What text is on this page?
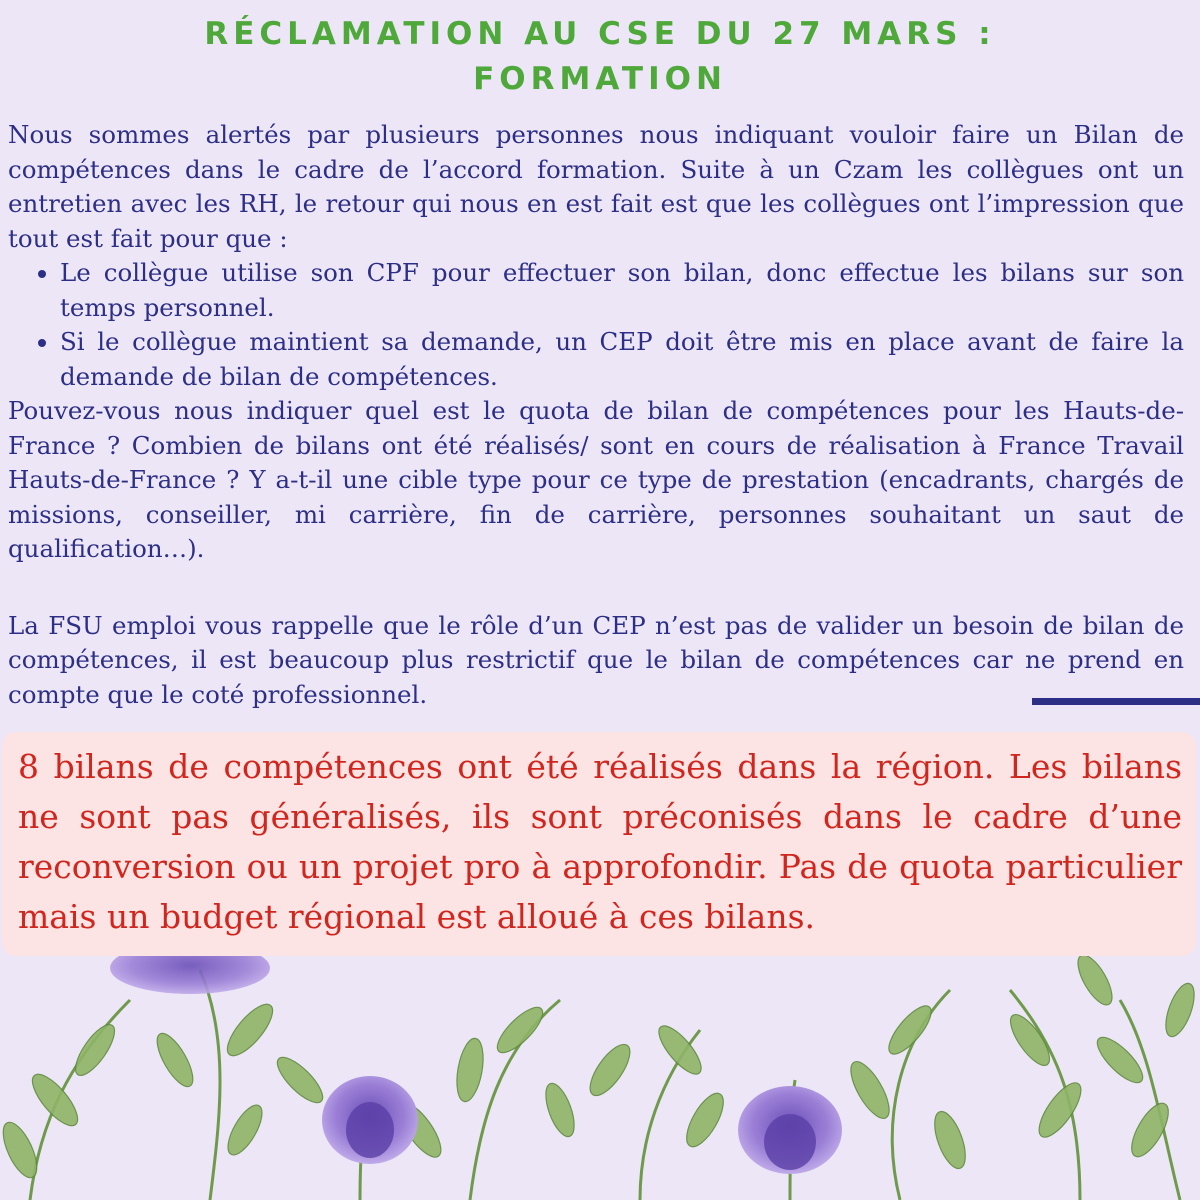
RÉCLAMATION AU CSE DU 27 MARS :
FORMATION

Nous sommes alertés par plusieurs personnes nous indiquant vouloir faire un Bilan de compétences dans le cadre de l’accord formation. Suite à un Czam les collègues ont un entretien avec les RH, le retour qui nous en est fait est que les collègues ont l’impression que tout est fait pour que :

• Le collègue utilise son CPF pour effectuer son bilan, donc effectue les bilans sur son temps personnel.
• Si le collègue maintient sa demande, un CEP doit être mis en place avant de faire la demande de bilan de compétences.

Pouvez-vous nous indiquer quel est le quota de bilan de compétences pour les Hauts-de-France ? Combien de bilans ont été réalisés/ sont en cours de réalisation à France Travail Hauts-de-France ? Y a-t-il une cible type pour ce type de prestation (encadrants, chargés de missions, conseiller, mi carrière, fin de carrière, personnes souhaitant un saut de qualification…).

La FSU emploi vous rappelle que le rôle d’un CEP n’est pas de valider un besoin de bilan de compétences, il est beaucoup plus restrictif que le bilan de compétences car ne prend en compte que le coté professionnel.

8 bilans de compétences ont été réalisés dans la région. Les bilans ne sont pas généralisés, ils sont préconisés dans le cadre d’une reconversion ou un projet pro à approfondir. Pas de quota particulier mais un budget régional est alloué à ces bilans.
